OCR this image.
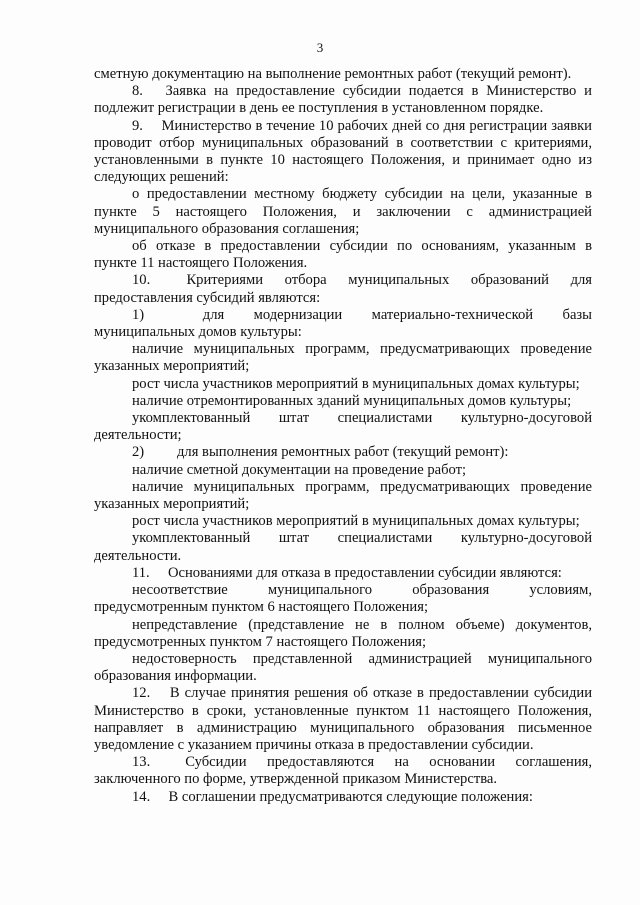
3

сметную документацию на выполнение ремонтных работ (текущий ремонт).

8.  Заявка на предоставление субсидии подается в Министерство и подлежит регистрации в день ее поступления в установленном порядке.

9.  Министерство в течение 10 рабочих дней со дня регистрации заявки проводит отбор муниципальных образований в соответствии с критериями, установленными в пункте 10 настоящего Положения, и принимает одно из следующих решений:

о предоставлении местному бюджету субсидии на цели, указанные в пункте 5 настоящего Положения, и заключении с администрацией муниципального образования соглашения;

об отказе в предоставлении субсидии по основаниям, указанным в пункте 11 настоящего Положения.

10.  Критериями отбора муниципальных образований для предоставления субсидий являются:

1)   для модернизации материально-технической базы муниципальных домов культуры:

наличие муниципальных программ, предусматривающих проведение указанных мероприятий;

рост числа участников мероприятий в муниципальных домах культуры;

наличие отремонтированных зданий муниципальных домов культуры;

укомплектованный штат специалистами культурно-досуговой деятельности;

2)   для выполнения ремонтных работ (текущий ремонт):

наличие сметной документации на проведение работ;

наличие муниципальных программ, предусматривающих проведение указанных мероприятий;

рост числа участников мероприятий в муниципальных домах культуры;

укомплектованный штат специалистами культурно-досуговой деятельности.

11.  Основаниями для отказа в предоставлении субсидии являются:

несоответствие муниципального образования условиям, предусмотренным пунктом 6 настоящего Положения;

непредставление (представление не в полном объеме) документов, предусмотренных пунктом 7 настоящего Положения;

недостоверность представленной администрацией муниципального образования информации.

12.  В случае принятия решения об отказе в предоставлении субсидии Министерство в сроки, установленные пунктом 11 настоящего Положения, направляет в администрацию муниципального образования письменное уведомление с указанием причины отказа в предоставлении субсидии.

13.  Субсидии предоставляются на основании соглашения, заключенного по форме, утвержденной приказом Министерства.

14.  В соглашении предусматриваются следующие положения:
